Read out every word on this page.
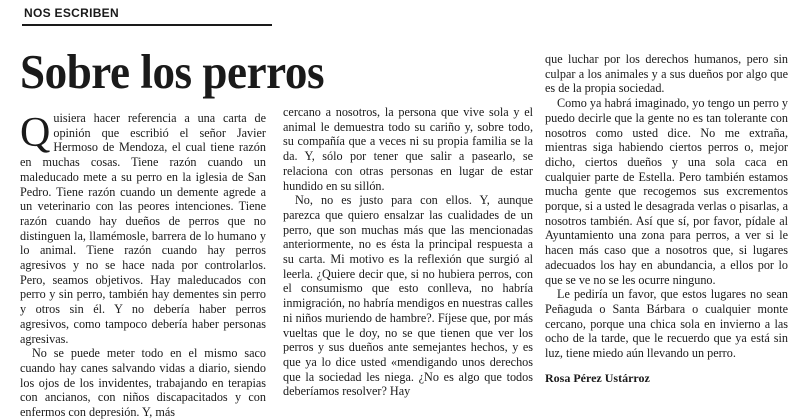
NOS ESCRIBEN
Sobre los perros

Quisiera hacer referencia a una carta de opinión que escribió el señor Javier Hermoso de Mendoza, el cual tiene razón en muchas cosas. Tiene razón cuando un maleducado mete a su perro en la iglesia de San Pedro. Tiene razón cuando un demente agrede a un veterinario con las peores intenciones. Tiene razón cuando hay dueños de perros que no distinguen la, llamémosle, barrera de lo humano y lo animal. Tiene razón cuando hay perros agresivos y no se hace nada por controlarlos. Pero, seamos objetivos. Hay maleducados con perro y sin perro, también hay dementes sin perro y otros sin él. Y no debería haber perros agresivos, como tampoco debería haber personas agresivas.

No se puede meter todo en el mismo saco cuando hay canes salvando vidas a diario, siendo los ojos de los invidentes, trabajando en terapias con ancianos, con niños discapacitados y con enfermos con depresión. Y, más

cercano a nosotros, la persona que vive sola y el animal le demuestra todo su cariño y, sobre todo, su compañía que a veces ni su propia familia se la da. Y, sólo por tener que salir a pasearlo, se relaciona con otras personas en lugar de estar hundido en su sillón.

No, no es justo para con ellos. Y, aunque parezca que quiero ensalzar las cualidades de un perro, que son muchas más que las mencionadas anteriormente, no es ésta la principal respuesta a su carta. Mi motivo es la reflexión que surgió al leerla. ¿Quiere decir que, si no hubiera perros, con el consumismo que esto conlleva, no habría inmigración, no habría mendigos en nuestras calles ni niños muriendo de hambre?. Fíjese que, por más vueltas que le doy, no se que tienen que ver los perros y sus dueños ante semejantes hechos, y es que ya lo dice usted «mendigando unos derechos que la sociedad les niega. ¿No es algo que todos deberíamos resolver? Hay

que luchar por los derechos humanos, pero sin culpar a los animales y a sus dueños por algo que es de la propia sociedad.

Como ya habrá imaginado, yo tengo un perro y puedo decirle que la gente no es tan tolerante con nosotros como usted dice. No me extraña, mientras siga habiendo ciertos perros o, mejor dicho, ciertos dueños y una sola caca en cualquier parte de Estella. Pero también estamos mucha gente que recogemos sus excrementos porque, si a usted le desagrada verlas o pisarlas, a nosotros también. Así que sí, por favor, pídale al Ayuntamiento una zona para perros, a ver si le hacen más caso que a nosotros que, si lugares adecuados los hay en abundancia, a ellos por lo que se ve no se les ocurre ninguno.

Le pediría un favor, que estos lugares no sean Peñaguda o Santa Bárbara o cualquier monte cercano, porque una chica sola en invierno a las ocho de la tarde, que le recuerdo que ya está sin luz, tiene miedo aún llevando un perro.

Rosa Pérez Ustárroz
